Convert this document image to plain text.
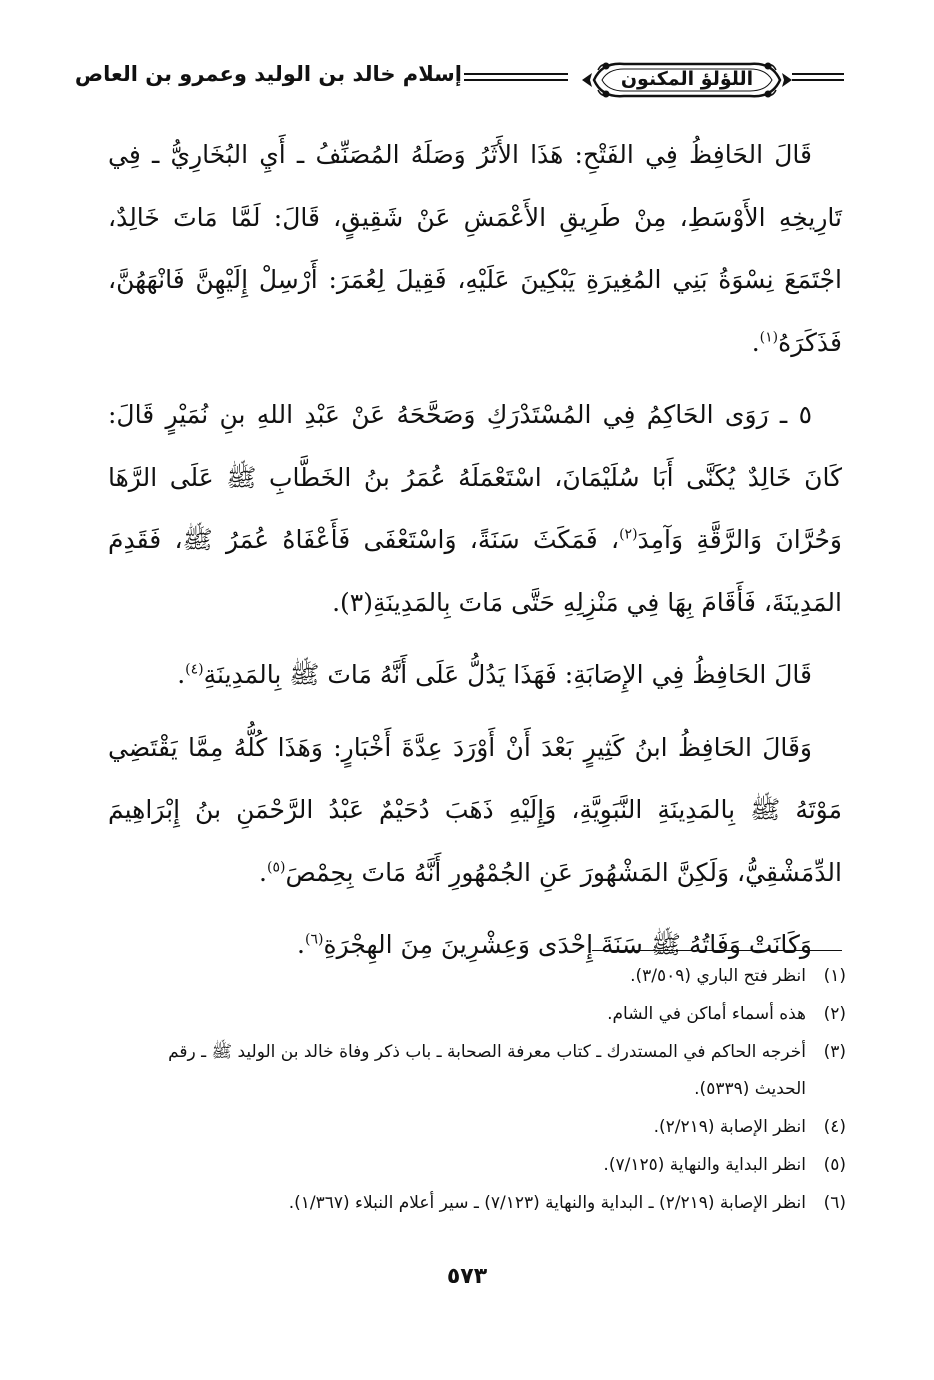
اللؤلؤ المكنون
إسلام خالد بن الوليد وعمرو بن العاص

قَالَ الحَافِظُ فِي الفَتْحِ: هَذَا الأَثَرُ وَصَلَهُ المُصَنِّفُ ـ أَيِ البُخَارِيُّ ـ فِي تَارِيخِهِ الأَوْسَطِ، مِنْ طَرِيقِ الأَعْمَشِ عَنْ شَقِيقٍ، قَالَ: لَمَّا مَاتَ خَالِدٌ، اجْتَمَعَ نِسْوَةُ بَنِي المُغِيرَةِ يَبْكِينَ عَلَيْهِ، فَقِيلَ لِعُمَرَ: أَرْسِلْ إِلَيْهِنَّ فَانْهَهُنَّ، فَذَكَرَهُ$^{(١)}$.

٥ ـ رَوَى الحَاكِمُ فِي المُسْتَدْرَكِ وَصَحَّحَهُ عَنْ عَبْدِ اللهِ بنِ نُمَيْرٍ قَالَ: كَانَ خَالِدٌ يُكَنَّى أَبَا سُلَيْمَانَ، اسْتَعْمَلَهُ عُمَرُ بنُ الخَطَّابِ ﷺ عَلَى الرَّهَا وَحُرَّانَ وَالرَّقَّةِ وَآمِدَ$^{(٢)}$، فَمَكَثَ سَنَةً، وَاسْتَعْفَى فَأَعْفَاهُ عُمَرُ ﷺ، فَقَدِمَ المَدِينَةَ، فَأَقَامَ بِهَا فِي مَنْزِلِهِ حَتَّى مَاتَ بِالمَدِينَةِ(٣).

قَالَ الحَافِظُ فِي الإِصَابَةِ: فَهَذَا يَدُلُّ عَلَى أَنَّهُ مَاتَ ﷺ بِالمَدِينَةِ$^{(٤)}$.

وَقَالَ الحَافِظُ ابنُ كَثِيرٍ بَعْدَ أَنْ أَوْرَدَ عِدَّةَ أَخْبَارٍ: وَهَذَا كُلُّهُ مِمَّا يَقْتَضِي مَوْتَهُ ﷺ بِالمَدِينَةِ النَّبَوِيَّةِ، وَإِلَيْهِ ذَهَبَ دُحَيْمٌ عَبْدُ الرَّحْمَنِ بنُ إِبْرَاهِيمَ الدِّمَشْقِيُّ، وَلَكِنَّ المَشْهُورَ عَنِ الجُمْهُورِ أَنَّهُ مَاتَ بِحِمْصَ$^{(٥)}$.

وَكَانَتْ وَفَاتُهُ ﷺ سَنَةَ إِحْدَى وَعِشْرِينَ مِنَ الهِجْرَةِ$^{(٦)}$.

(١)
انظر فتح الباري (٣/٥٠٩).
(٢)
هذه أسماء أماكن في الشام.
(٣)
أخرجه الحاكم في المستدرك ـ كتاب معرفة الصحابة ـ باب ذكر وفاة خالد بن الوليد ﷺ ـ رقم الحديث (٥٣٣٩).
(٤)
انظر الإصابة (٢/٢١٩).
(٥)
انظر البداية والنهاية (٧/١٢٥).
(٦)
انظر الإصابة (٢/٢١٩) ـ البداية والنهاية (٧/١٢٣) ـ سير أعلام النبلاء (١/٣٦٧).
٥٧٣
